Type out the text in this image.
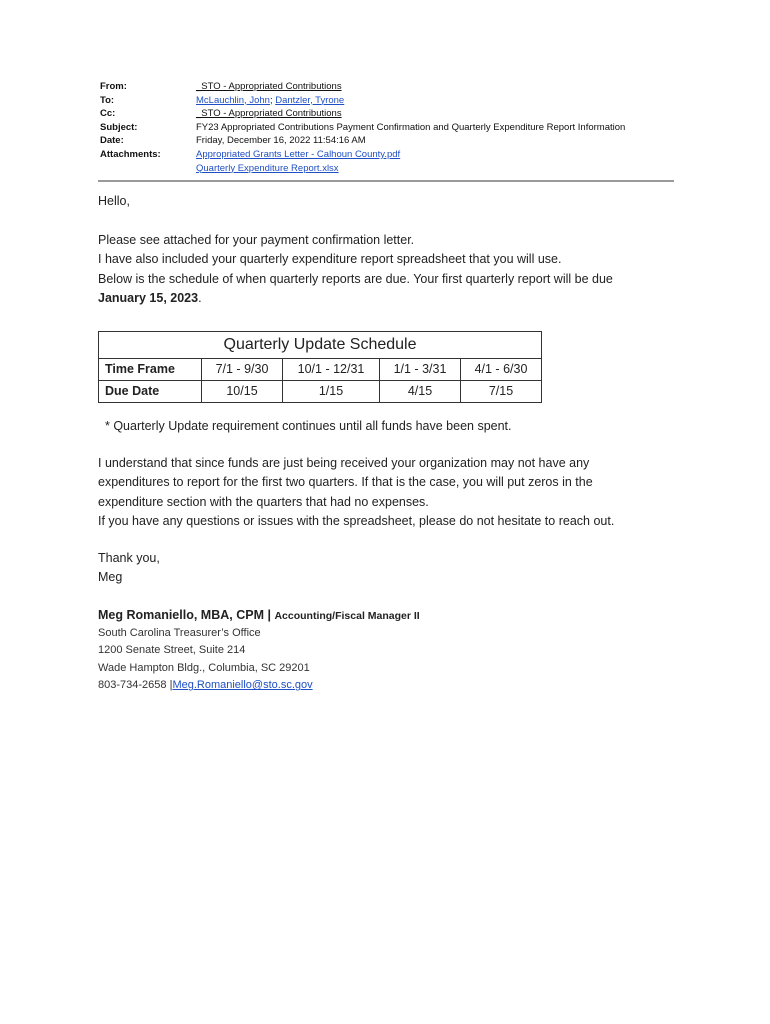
From:	_STO - Appropriated Contributions
To:	McLauchlin, John; Dantzler, Tyrone
Cc:	_STO - Appropriated Contributions
Subject:	FY23 Appropriated Contributions Payment Confirmation and Quarterly Expenditure Report Information
Date:	Friday, December 16, 2022 11:54:16 AM
Attachments:	Appropriated Grants Letter - Calhoun County.pdf
Quarterly Expenditure Report.xlsx

Hello,

Please see attached for your payment confirmation letter.

I have also included your quarterly expenditure report spreadsheet that you will use.

Below is the schedule of when quarterly reports are due. Your first quarterly report will be due

January 15, 2023.

Quarterly Update Schedule				
Time Frame	7/1 - 9/30	10/1 - 12/31	1/1 - 3/31	4/1 - 6/30
Due Date	10/15	1/15	4/15	7/15

* Quarterly Update requirement continues until all funds have been spent.

I understand that since funds are just being received your organization may not have any

expenditures to report for the first two quarters. If that is the case, you will put zeros in the

expenditure section with the quarters that had no expenses.

If you have any questions or issues with the spreadsheet, please do not hesitate to reach out.

Thank you,

Meg

Meg Romaniello, MBA, CPM | Accounting/Fiscal Manager II
South Carolina Treasurer’s Office
1200 Senate Street, Suite 214
Wade Hampton Bldg., Columbia, SC 29201
803-734-2658 |Meg.Romaniello@sto.sc.gov
